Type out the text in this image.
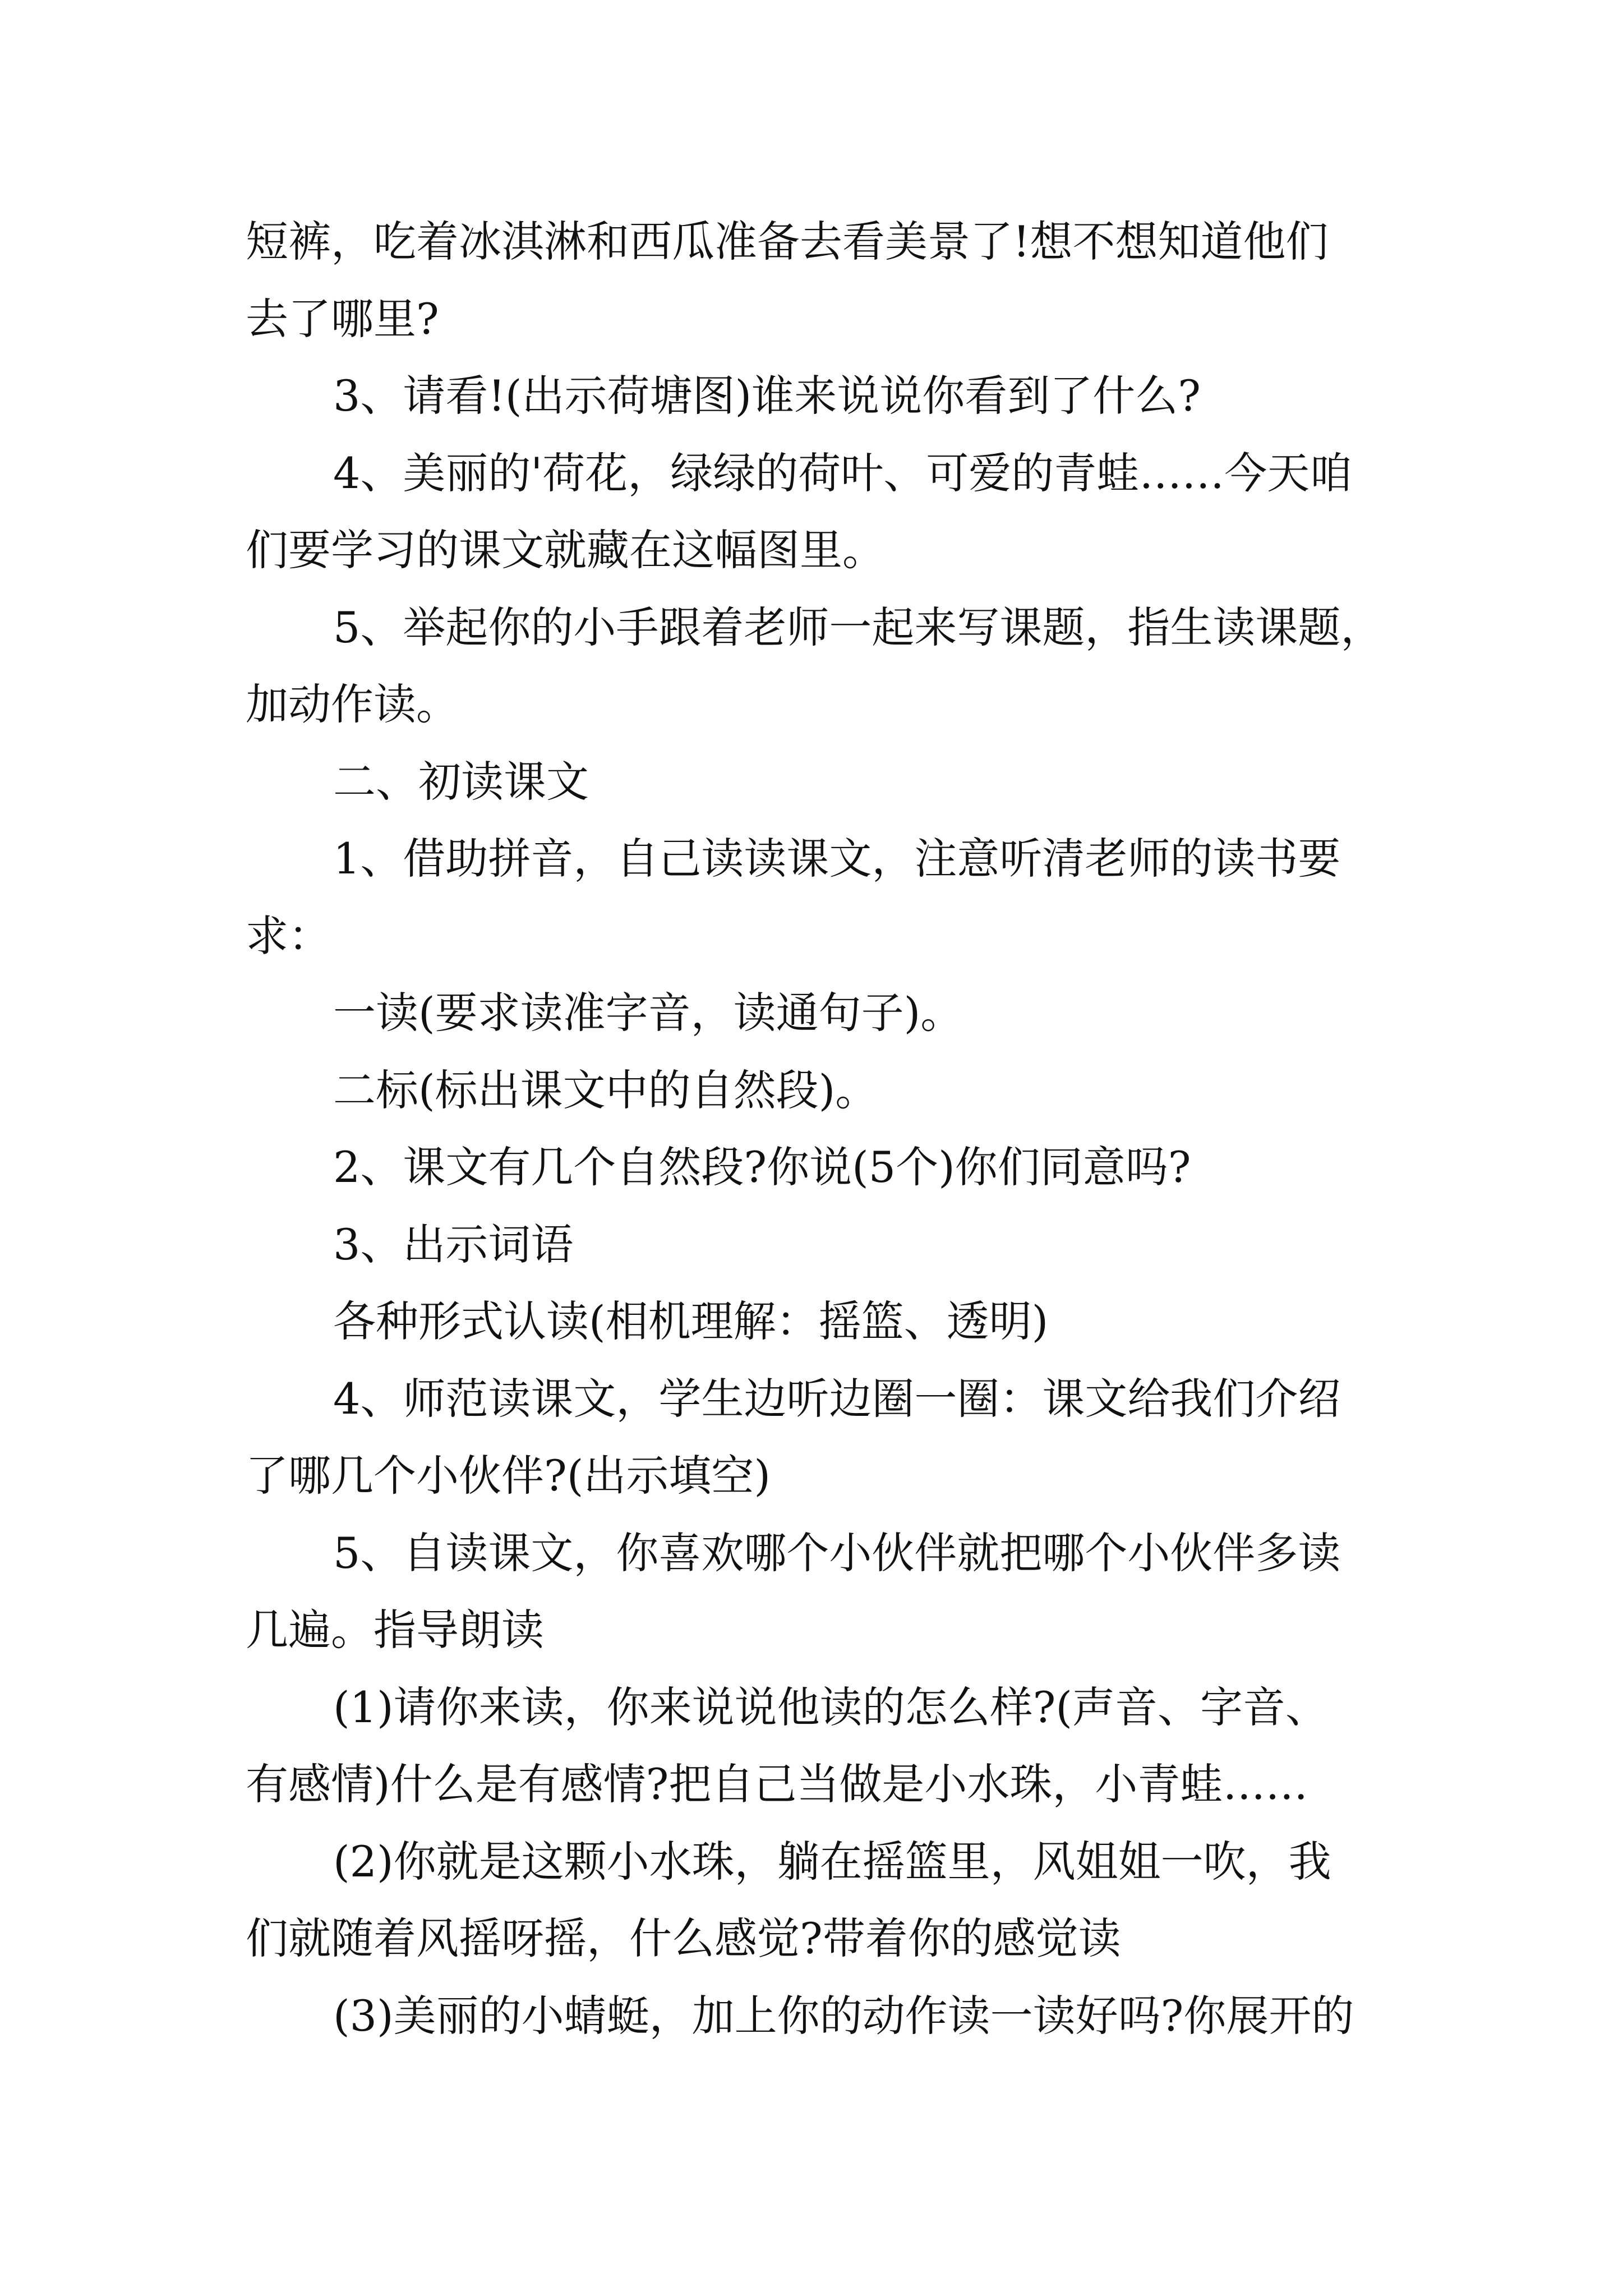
短裤，吃着冰淇淋和西瓜准备去看美景了!想不想知道他们
去了哪里?
3、请看!(出示荷塘图)谁来说说你看到了什么?
4、美丽的'荷花，绿绿的荷叶、可爱的青蛙……今天咱
们要学习的课文就藏在这幅图里。
5、举起你的小手跟着老师一起来写课题，指生读课题，
加动作读。
二、初读课文
1、借助拼音，自己读读课文，注意听清老师的读书要
求：
一读(要求读准字音，读通句子)。
二标(标出课文中的自然段)。
2、课文有几个自然段?你说(5个)你们同意吗?
3、出示词语
各种形式认读(相机理解：摇篮、透明)
4、师范读课文，学生边听边圈一圈：课文给我们介绍
了哪几个小伙伴?(出示填空)
5、自读课文，你喜欢哪个小伙伴就把哪个小伙伴多读
几遍。指导朗读
(1)请你来读，你来说说他读的怎么样?(声音、字音、
有感情)什么是有感情?把自己当做是小水珠，小青蛙……
(2)你就是这颗小水珠，躺在摇篮里，风姐姐一吹，我
们就随着风摇呀摇，什么感觉?带着你的感觉读
(3)美丽的小蜻蜓，加上你的动作读一读好吗?你展开的
